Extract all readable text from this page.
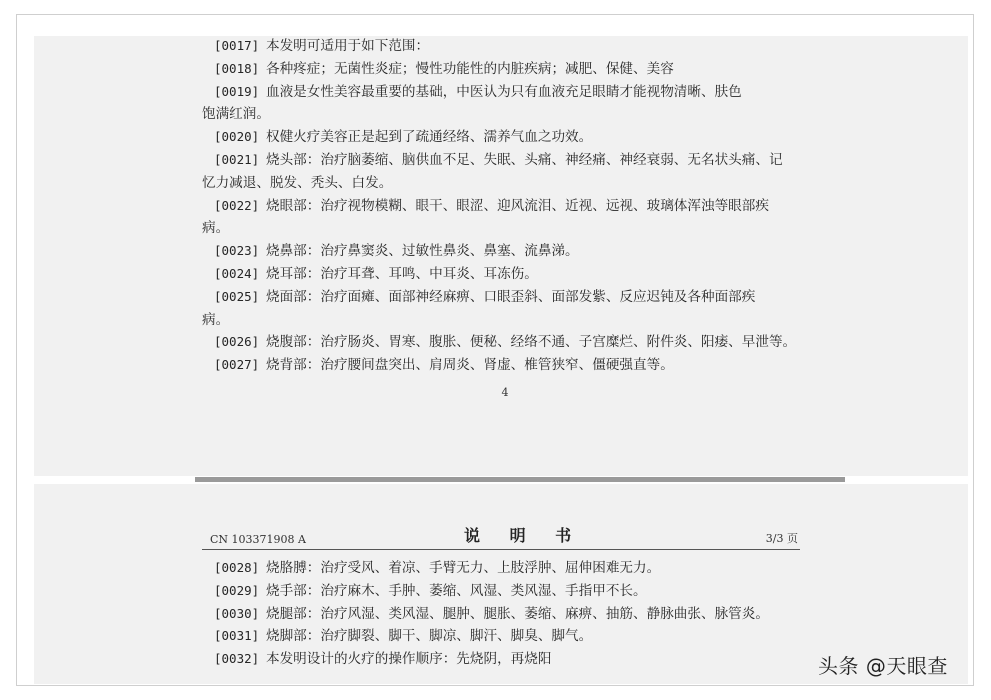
[0017] 本发明可适用于如下范围：
[0018] 各种疼症；无菌性炎症；慢性功能性的内脏疾病；减肥、保健、美容
[0019] 血液是女性美容最重要的基础，中医认为只有血液充足眼睛才能视物清晰、肤色
饱满红润。
[0020] 权健火疗美容正是起到了疏通经络、濡养气血之功效。
[0021] 烧头部：治疗脑萎缩、脑供血不足、失眠、头痛、神经痛、神经衰弱、无名状头痛、记
忆力减退、脱发、秃头、白发。
[0022] 烧眼部：治疗视物模糊、眼干、眼涩、迎风流泪、近视、远视、玻璃体浑浊等眼部疾
病。
[0023] 烧鼻部：治疗鼻窦炎、过敏性鼻炎、鼻塞、流鼻涕。
[0024] 烧耳部：治疗耳聋、耳鸣、中耳炎、耳冻伤。
[0025] 烧面部：治疗面瘫、面部神经麻痹、口眼歪斜、面部发紫、反应迟钝及各种面部疾
病。
[0026] 烧腹部：治疗肠炎、胃寒、腹胀、便秘、经络不通、子宫糜烂、附件炎、阳痿、早泄等。
[0027] 烧背部：治疗腰间盘突出、肩周炎、肾虚、椎管狭窄、僵硬强直等。
4
CN 103371908 A	说 明 书	3/3 页
[0028] 烧胳膊：治疗受风、着凉、手臂无力、上肢浮肿、屈伸困难无力。
[0029] 烧手部：治疗麻木、手肿、萎缩、风湿、类风湿、手指甲不长。
[0030] 烧腿部：治疗风湿、类风湿、腿肿、腿胀、萎缩、麻痹、抽筋、静脉曲张、脉管炎。
[0031] 烧脚部：治疗脚裂、脚干、脚凉、脚汗、脚臭、脚气。
[0032] 本发明设计的火疗的操作顺序：先烧阴，再烧阳	头条 @天眼查
